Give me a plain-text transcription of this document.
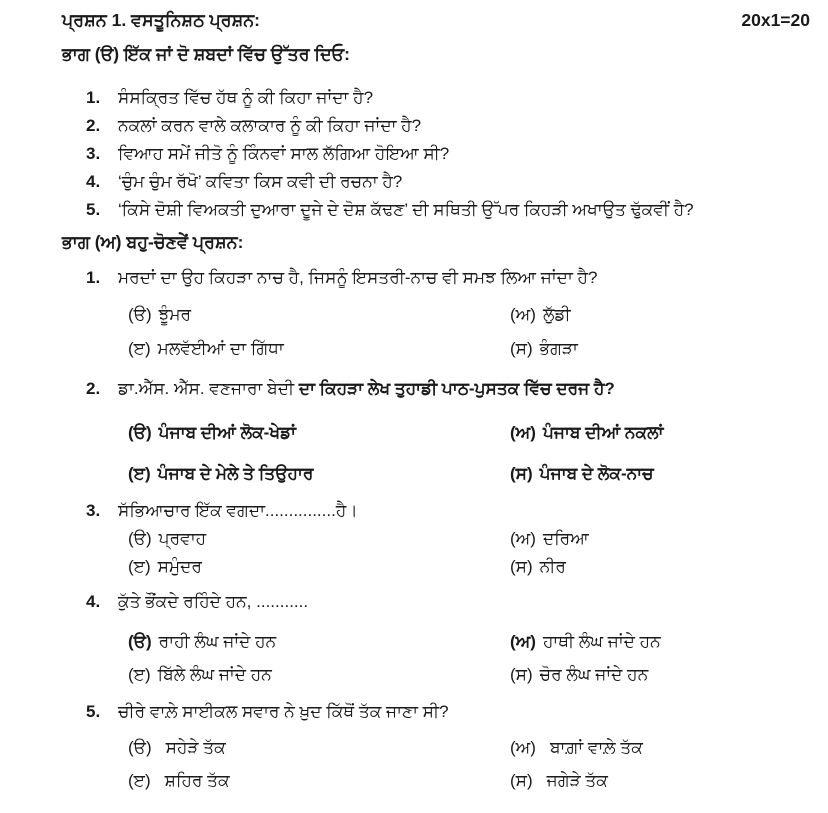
ਪ੍ਰਸ਼ਨ 1. ਵਸਤੂਨਿਸ਼ਠ ਪ੍ਰਸ਼ਨ:	20x1=20
ਭਾਗ (ੳ) ਇੱਕ ਜਾਂ ਦੋ ਸ਼ਬਦਾਂ ਵਿੱਚ ਉੱਤਰ ਦਿਓ:
1.	ਸੰਸਕ੍ਰਿਤ ਵਿੱਚ ਹੱਥ ਨੂੰ ਕੀ ਕਿਹਾ ਜਾਂਦਾ ਹੈ?
2.	ਨਕਲਾਂ ਕਰਨ ਵਾਲੇ ਕਲਾਕਾਰ ਨੂੰ ਕੀ ਕਿਹਾ ਜਾਂਦਾ ਹੈ?
3.	ਵਿਆਹ ਸਮੇਂ ਜੀਤੋ ਨੂੰ ਕਿੰਨਵਾਂ ਸਾਲ ਲੱਗਿਆ ਹੋਇਆ ਸੀ?
4.	‘ਚੁੰਮ ਚੁੰਮ ਰੱਖੋ’ ਕਵਿਤਾ ਕਿਸ ਕਵੀ ਦੀ ਰਚਨਾ ਹੈ?
5.	‘ਕਿਸੇ ਦੋਸ਼ੀ ਵਿਅਕਤੀ ਦੁਆਰਾ ਦੂਜੇ ਦੇ ਦੋਸ਼ ਕੱਢਣ’ ਦੀ ਸਥਿਤੀ ਉੱਪਰ ਕਿਹੜੀ ਅਖਾਉਤ ਢੁੱਕਵੀਂ ਹੈ?
ਭਾਗ (ਅ) ਬਹੁ-ਚੋਣਵੇਂ ਪ੍ਰਸ਼ਨ:
1.	ਮਰਦਾਂ ਦਾ ਉਹ ਕਿਹੜਾ ਨਾਚ ਹੈ, ਜਿਸਨੂੰ ਇਸਤਰੀ-ਨਾਚ ਵੀ ਸਮਝ ਲਿਆ ਜਾਂਦਾ ਹੈ?
(ੳ) ਝੂੰਮਰ	(ਅ) ਲੁੱਡੀ
(ੲ) ਮਲਵੱਈਆਂ ਦਾ ਗਿੱਧਾ	(ਸ) ਭੰਗੜਾ
2.	ਡਾ.ਐੱਸ. ਐੱਸ. ਵਣਜਾਰਾ ਬੇਦੀ ਦਾ ਕਿਹੜਾ ਲੇਖ ਤੁਹਾਡੀ ਪਾਠ-ਪੁਸਤਕ ਵਿੱਚ ਦਰਜ ਹੈ?
(ੳ) ਪੰਜਾਬ ਦੀਆਂ ਲੋਕ-ਖੇਡਾਂ	(ਅ) ਪੰਜਾਬ ਦੀਆਂ ਨਕਲਾਂ
(ੲ) ਪੰਜਾਬ ਦੇ ਮੇਲੇ ਤੇ ਤਿਉਹਾਰ	(ਸ) ਪੰਜਾਬ ਦੇ ਲੋਕ-ਨਾਚ
3.	ਸੱਭਿਆਚਾਰ ਇੱਕ ਵਗਦਾ...............ਹੈ।
(ੳ) ਪ੍ਰਵਾਹ	(ਅ) ਦਰਿਆ
(ੲ) ਸਮੁੰਦਰ	(ਸ) ਨੀਰ
4.	ਕੁੱਤੇ ਭੌਂਕਦੇ ਰਹਿੰਦੇ ਹਨ, ...........
(ੳ) ਰਾਹੀ ਲੰਘ ਜਾਂਦੇ ਹਨ	(ਅ) ਹਾਥੀ ਲੰਘ ਜਾਂਦੇ ਹਨ
(ੲ) ਬਿੱਲੇ ਲੰਘ ਜਾਂਦੇ ਹਨ	(ਸ) ਚੋਰ ਲੰਘ ਜਾਂਦੇ ਹਨ
5.	ਚੀਰੇ ਵਾਲ਼ੇ ਸਾਈਕਲ ਸਵਾਰ ਨੇ ਖ਼ੁਦ ਕਿੱਥੋਂ ਤੱਕ ਜਾਣਾ ਸੀ?
(ੳ) ਸਹੇੜੇ ਤੱਕ	(ਅ) ਬਾਗ਼ਾਂ ਵਾਲ਼ੇ ਤੱਕ
(ੲ) ਸ਼ਹਿਰ ਤੱਕ	(ਸ) ਜਗੇੜੇ ਤੱਕ
